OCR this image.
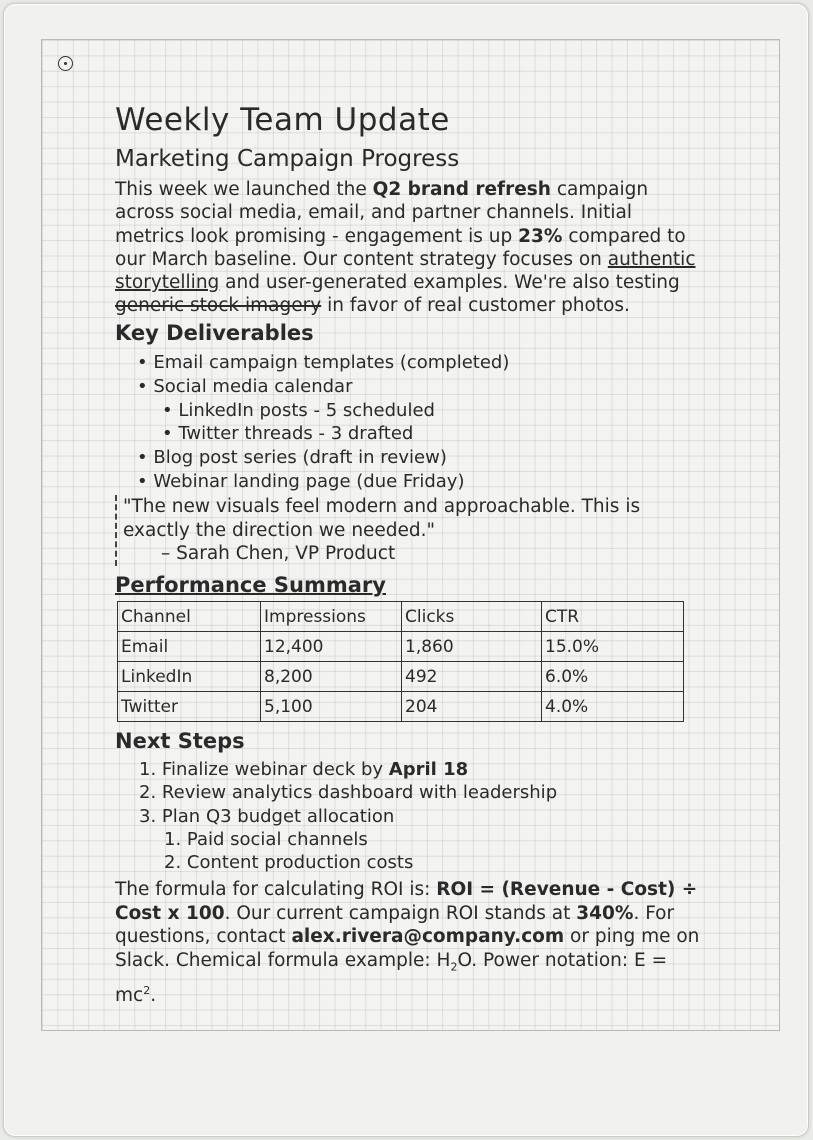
Weekly Team Update
Marketing Campaign Progress
This week we launched the Q2 brand refresh campaign
across social media, email, and partner channels. Initial
metrics look promising - engagement is up 23% compared to
our March baseline. Our content strategy focuses on authentic
storytelling and user-generated examples. We're also testing
generic stock imagery in favor of real customer photos.
Key Deliverables
• Email campaign templates (completed)
• Social media calendar
• LinkedIn posts - 5 scheduled
• Twitter threads - 3 drafted
• Blog post series (draft in review)
• Webinar landing page (due Friday)
"The new visuals feel modern and approachable. This is
exactly the direction we needed."
– Sarah Chen, VP Product
Performance Summary
Channel	Impressions	Clicks	CTR
Email	12,400	1,860	15.0%
LinkedIn	8,200	492	6.0%
Twitter	5,100	204	4.0%
Next Steps
1. Finalize webinar deck by April 18
2. Review analytics dashboard with leadership
3. Plan Q3 budget allocation
1. Paid social channels
2. Content production costs
The formula for calculating ROI is: ROI = (Revenue - Cost) ÷
Cost x 100. Our current campaign ROI stands at 340%. For
questions, contact alex.rivera@company.com or ping me on
Slack. Chemical formula example: $H_2O$. Power notation: E =
$mc^2$.
